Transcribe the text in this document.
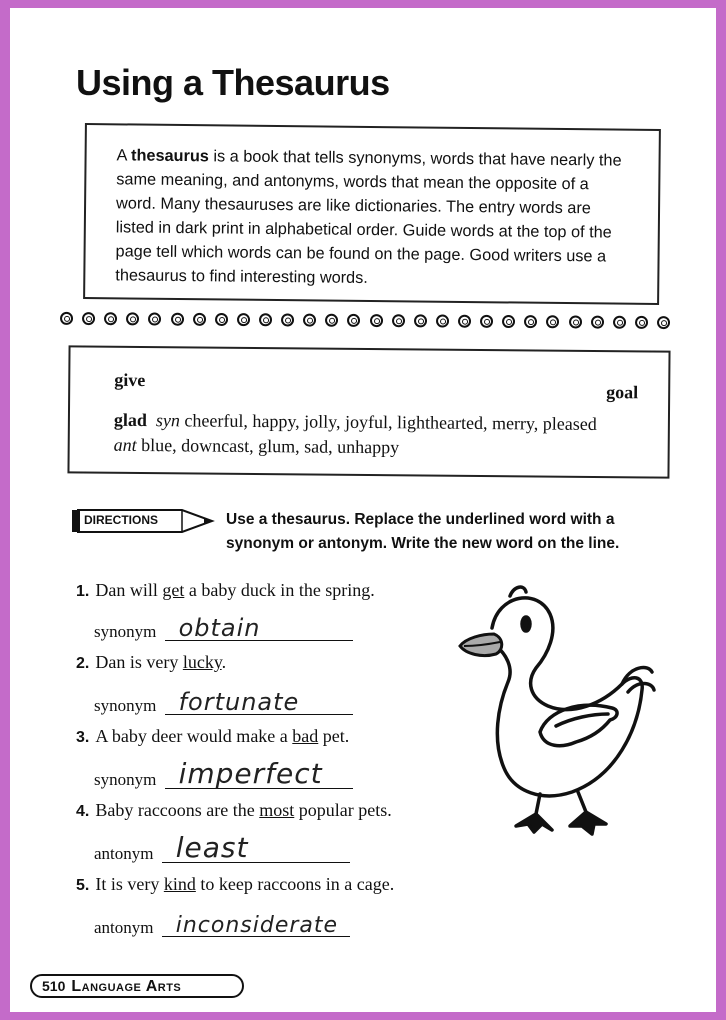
Using a Thesaurus
A thesaurus is a book that tells synonyms, words that have nearly the same meaning, and antonyms, words that mean the opposite of a word. Many thesauruses are like dictionaries. The entry words are listed in dark print in alphabetical order. Guide words at the top of the page tell which words can be found on the page. Good writers use a thesaurus to find interesting words.
give
goal
glad syn cheerful, happy, jolly, joyful, lighthearted, merry, pleased
ant blue, downcast, glum, sad, unhappy
DIRECTIONS	Use a thesaurus. Replace the underlined word with a synonym or antonym. Write the new word on the line.
1. Dan will get a baby duck in the spring.
synonym obtain
2. Dan is very lucky.
synonym fortunate
3. A baby deer would make a bad pet.
synonym imperfect
4. Baby raccoons are the most popular pets.
antonym least
5. It is very kind to keep raccoons in a cage.
antonym inconsiderate
510 Language Arts
